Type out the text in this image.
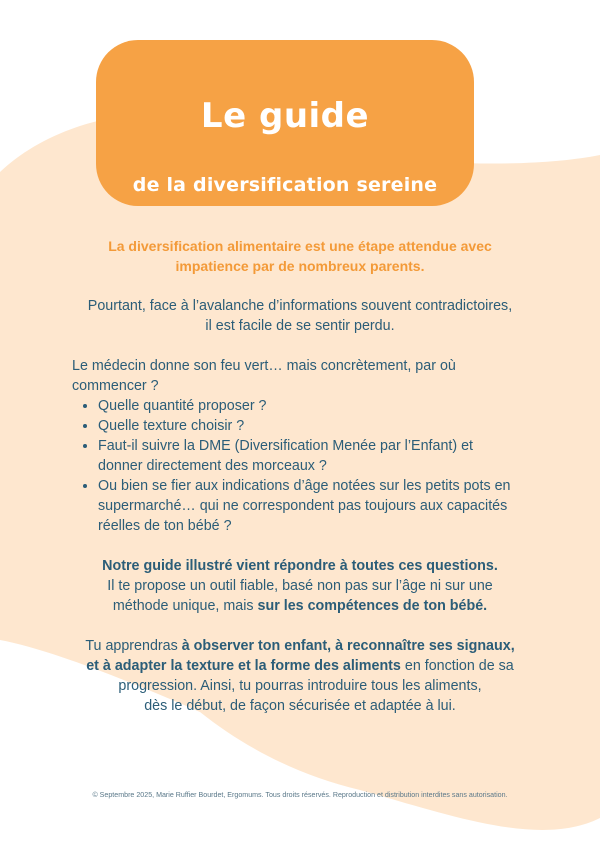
Le guide
de la diversification sereine

La diversification alimentaire est une étape attendue avec
impatience par de nombreux parents.

Pourtant, face à l’avalanche d’informations souvent contradictoires,
il est facile de se sentir perdu.

Le médecin donne son feu vert… mais concrètement, par où
commencer ?

• Quelle quantité proposer ?
• Quelle texture choisir ?
• Faut-il suivre la DME (Diversification Menée par l’Enfant) et
donner directement des morceaux ?
• Ou bien se fier aux indications d’âge notées sur les petits pots en
supermarché… qui ne correspondent pas toujours aux capacités
réelles de ton bébé ?

Notre guide illustré vient répondre à toutes ces questions.
Il te propose un outil fiable, basé non pas sur l’âge ni sur une
méthode unique, mais sur les compétences de ton bébé.

Tu apprendras à observer ton enfant, à reconnaître ses signaux,
et à adapter la texture et la forme des aliments en fonction de sa
progression. Ainsi, tu pourras introduire tous les aliments,
dès le début, de façon sécurisée et adaptée à lui.

© Septembre 2025, Marie Ruffier Bourdet, Ergomums. Tous droits réservés. Reproduction et distribution interdites sans autorisation.
